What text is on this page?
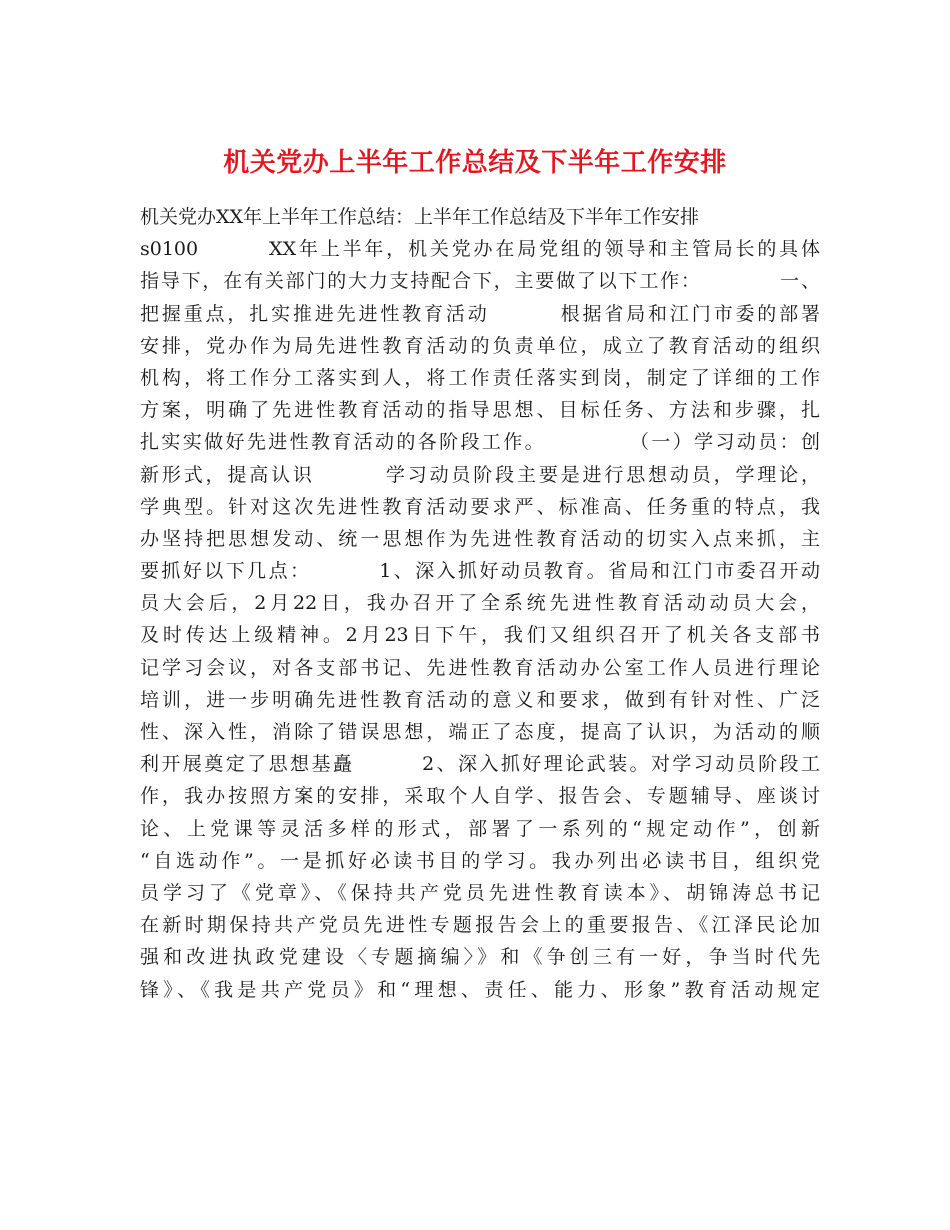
机关党办上半年工作总结及下半年工作安排
机关党办XX年上半年工作总结：上半年工作总结及下半年工作安排
s0100        XX年上半年，机关党办在局党组的领导和主管局长的具体
指导下，在有关部门的大力支持配合下，主要做了以下工作：          一、
把握重点，扎实推进先进性教育活动        根据省局和江门市委的部署
安排，党办作为局先进性教育活动的负责单位，成立了教育活动的组织
机构，将工作分工落实到人，将工作责任落实到岗，制定了详细的工作
方案，明确了先进性教育活动的指导思想、目标任务、方法和步骤，扎
扎实实做好先进性教育活动的各阶段工作。          （一）学习动员：创
新形式，提高认识        学习动员阶段主要是进行思想动员，学理论，
学典型。针对这次先进性教育活动要求严、标准高、任务重的特点，我
办坚持把思想发动、统一思想作为先进性教育活动的切实入点来抓，主
要抓好以下几点：        1、深入抓好动员教育。省局和江门市委召开动
员大会后，2月22日，我办召开了全系统先进性教育活动动员大会，
及时传达上级精神。2月23日下午，我们又组织召开了机关各支部书
记学习会议，对各支部书记、先进性教育活动办公室工作人员进行理论
培训，进一步明确先进性教育活动的意义和要求，做到有针对性、广泛
性、深入性，消除了错误思想，端正了态度，提高了认识，为活动的顺
利开展奠定了思想基矗        2、深入抓好理论武装。对学习动员阶段工
作，我办按照方案的安排，采取个人自学、报告会、专题辅导、座谈讨
论、上党课等灵活多样的形式，部署了一系列的“规定动作”，创新
“自选动作”。一是抓好必读书目的学习。我办列出必读书目，组织党
员学习了《党章》、《保持共产党员先进性教育读本》、胡锦涛总书记
在新时期保持共产党员先进性专题报告会上的重要报告、《江泽民论加
强和改进执政党建设〈专题摘编〉》和《争创三有一好，争当时代先
锋》、《我是共产党员》和“理想、责任、能力、形象”教育活动规定
